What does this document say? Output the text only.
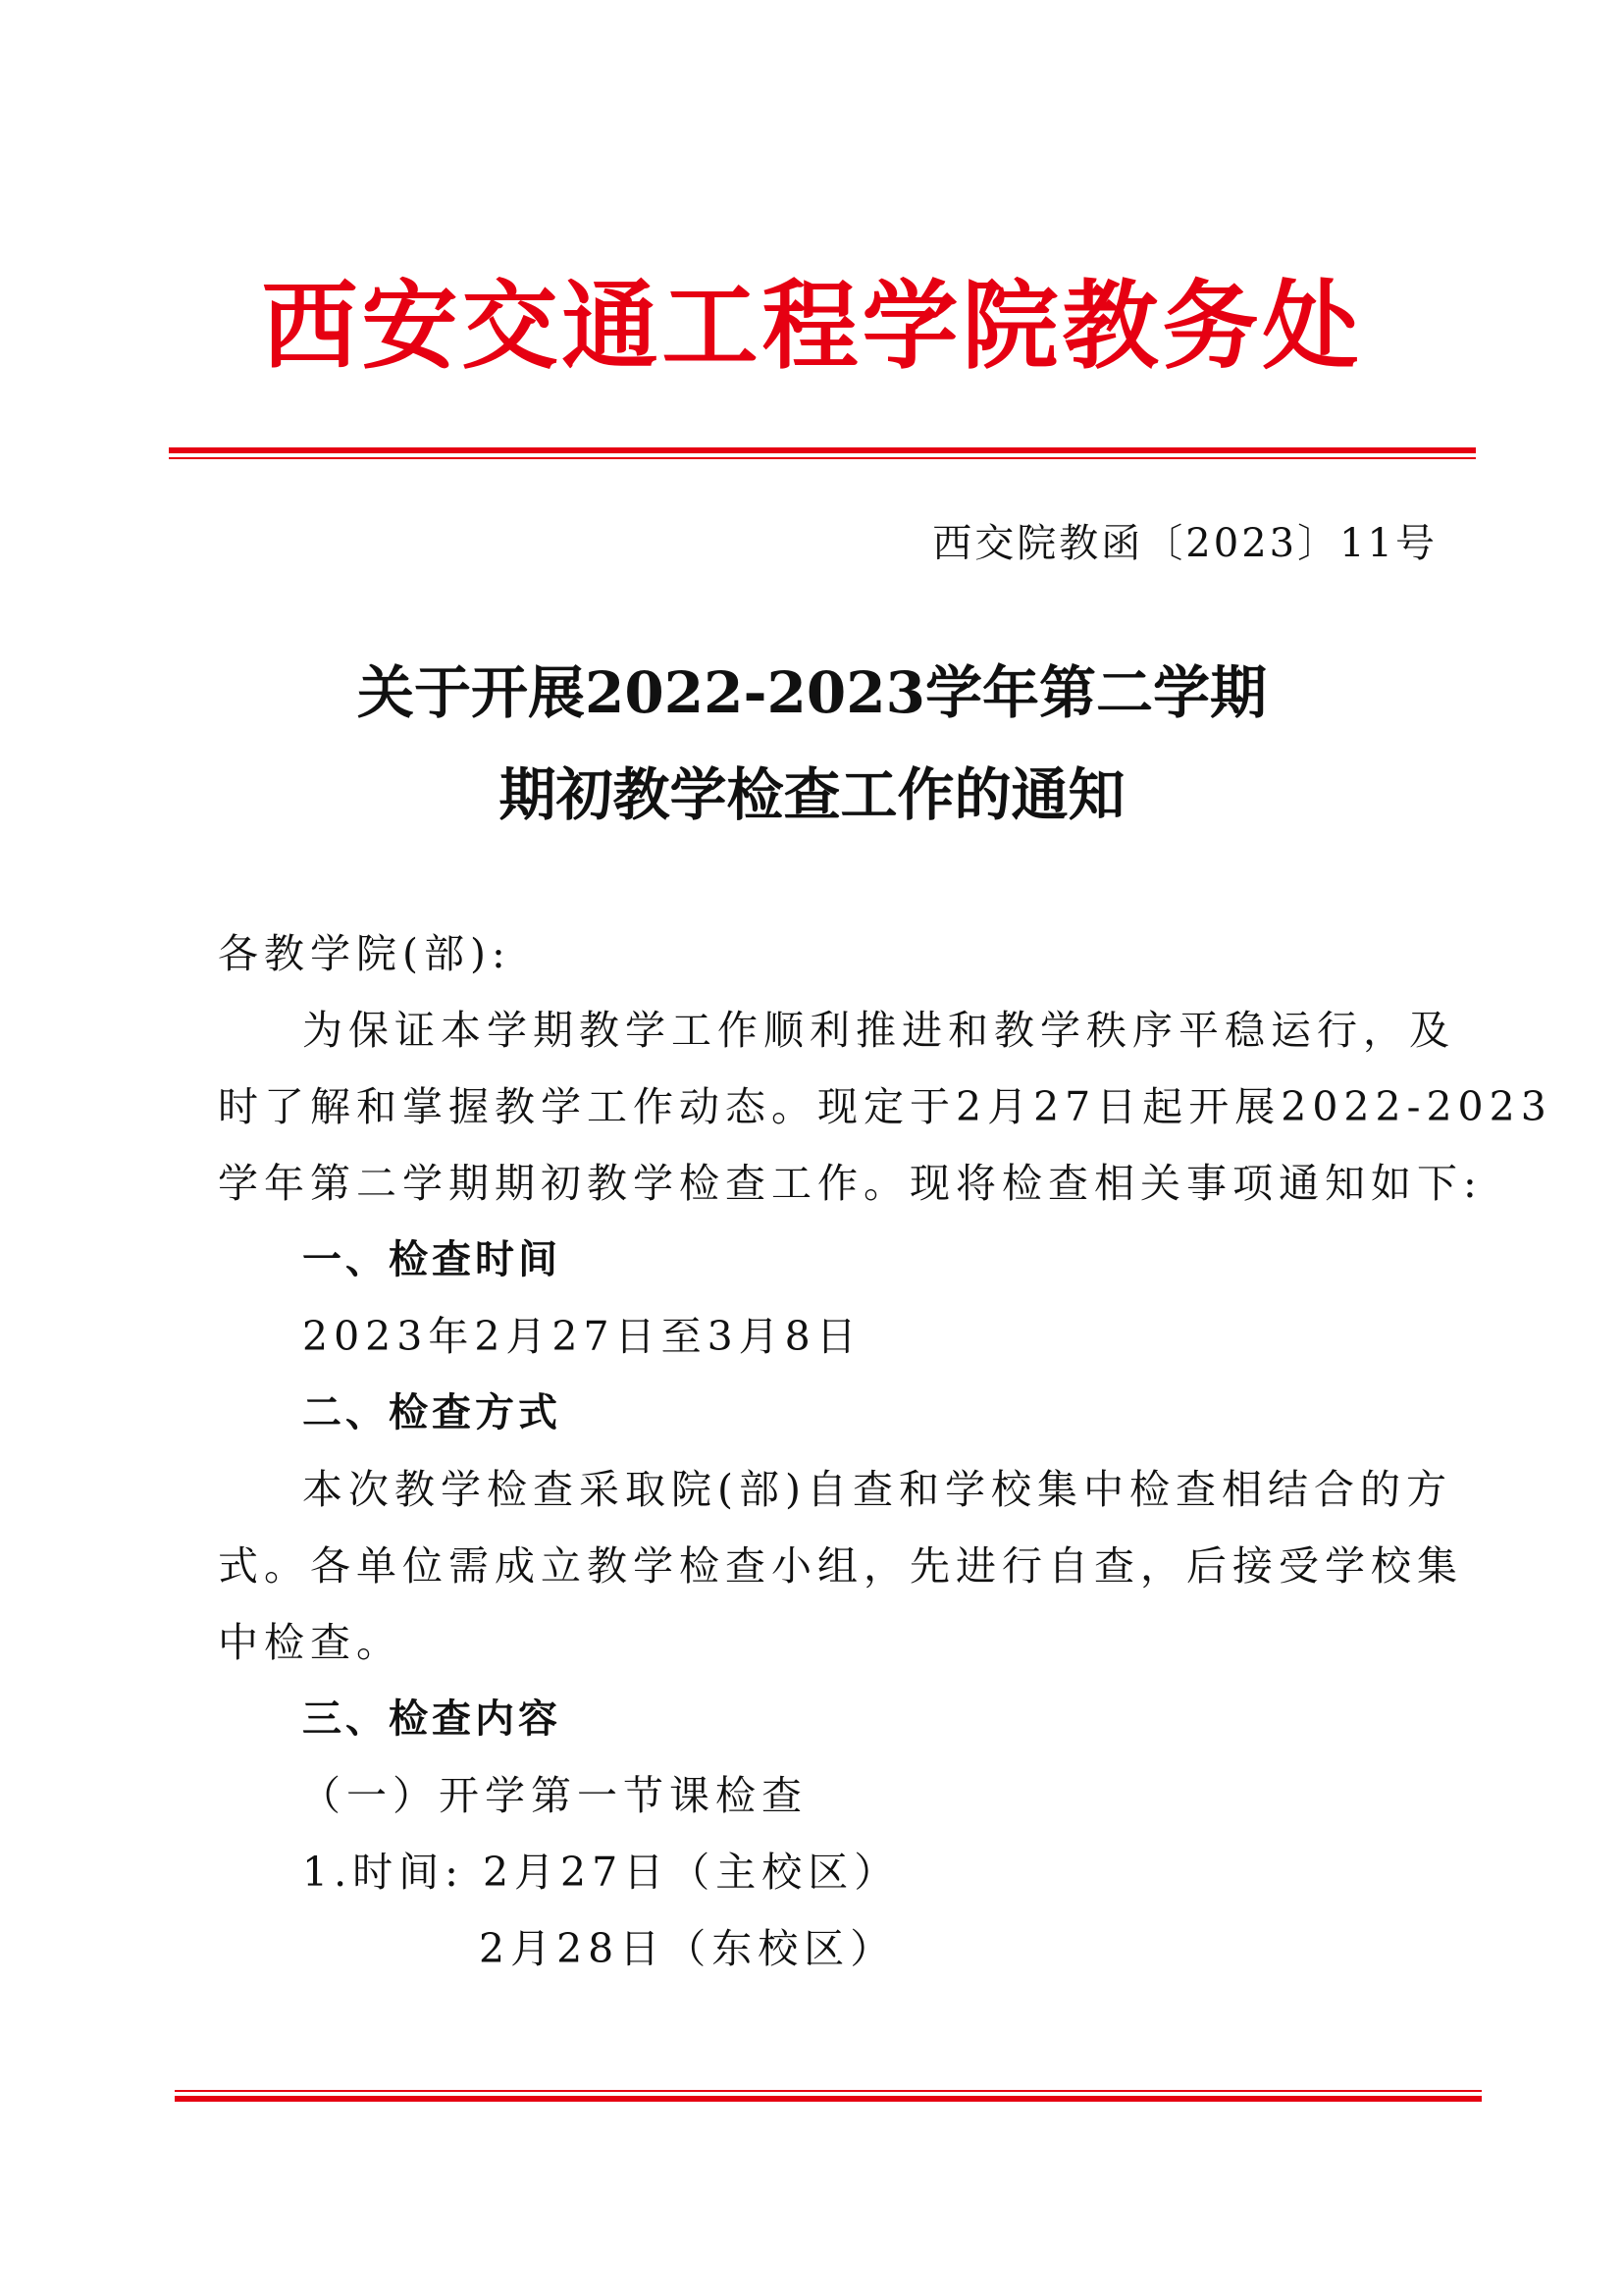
西安交通工程学院教务处
西交院教函〔2023〕11号
关于开展2022-2023学年第二学期
期初教学检查工作的通知
各教学院(部):
为保证本学期教学工作顺利推进和教学秩序平稳运行，及
时了解和掌握教学工作动态。现定于2月27日起开展2022-2023
学年第二学期期初教学检查工作。现将检查相关事项通知如下:
一、检查时间
2023年2月27日至3月8日
二、检查方式
本次教学检查采取院(部)自查和学校集中检查相结合的方
式。各单位需成立教学检查小组，先进行自查，后接受学校集
中检查。
三、检查内容
（一）开学第一节课检查
1.时间: 2月27日（主校区）
2月28日（东校区）
